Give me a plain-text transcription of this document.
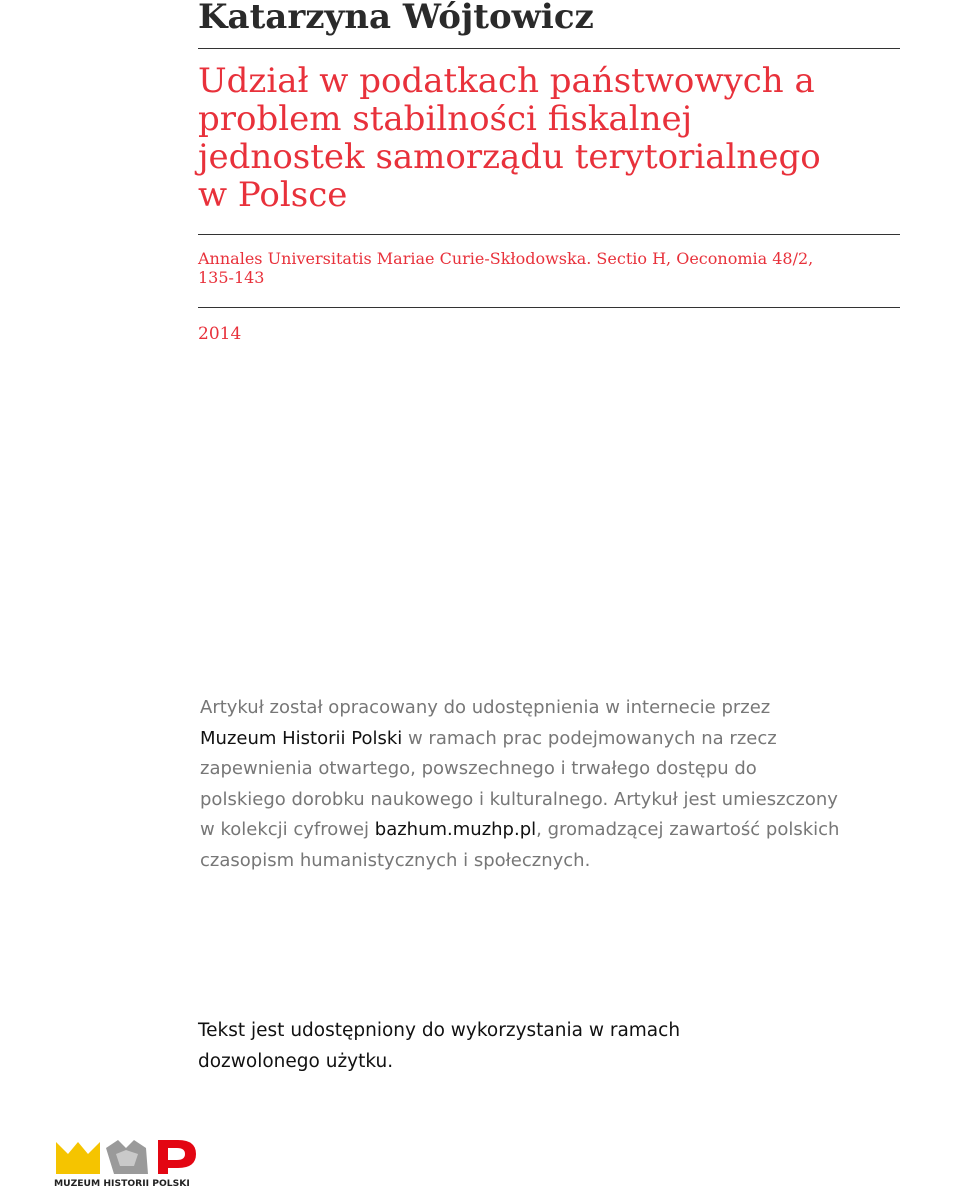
Katarzyna Wójtowicz
Udział w podatkach państwowych a
problem stabilności fiskalnej
jednostek samorządu terytorialnego
w Polsce

Annales Universitatis Mariae Curie-Skłodowska. Sectio H, Oeconomia 48/2,
135-143

2014

Artykuł został opracowany do udostępnienia w internecie przez
Muzeum Historii Polski w ramach prac podejmowanych na rzecz
zapewnienia otwartego, powszechnego i trwałego dostępu do
polskiego dorobku naukowego i kulturalnego. Artykuł jest umieszczony
w kolekcji cyfrowej bazhum.muzhp.pl, gromadzącej zawartość polskich
czasopism humanistycznych i społecznych.

Tekst jest udostępniony do wykorzystania w ramach
dozwolonego użytku.

MUZEUM HISTORII POLSKI
